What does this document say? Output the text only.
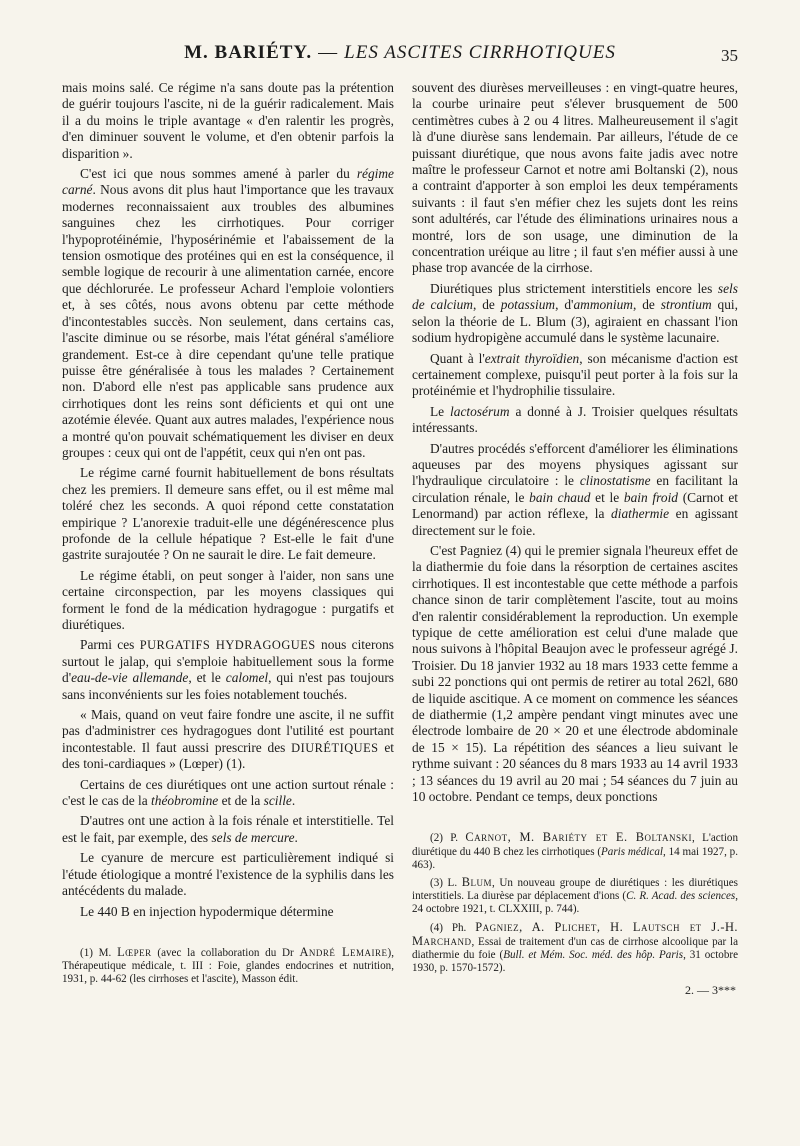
M. BARIÉTY. — LES ASCITES CIRRHOTIQUES	35

mais moins salé. Ce régime n'a sans doute pas la prétention de guérir toujours l'ascite, ni de la guérir radicalement. Mais il a du moins le triple avantage « d'en ralentir les progrès, d'en diminuer souvent le volume, et d'en obtenir parfois la disparition ».

C'est ici que nous sommes amené à parler du régime carné. Nous avons dit plus haut l'importance que les travaux modernes reconnaissaient aux troubles des albumines sanguines chez les cirrhotiques. Pour corriger l'hypoprotéinémie, l'hyposérinémie et l'abaissement de la tension osmotique des protéines qui en est la conséquence, il semble logique de recourir à une alimentation carnée, encore que déchlorurée. Le professeur Achard l'emploie volontiers et, à ses côtés, nous avons obtenu par cette méthode d'incontestables succès. Non seulement, dans certains cas, l'ascite diminue ou se résorbe, mais l'état général s'améliore grandement. Est-ce à dire cependant qu'une telle pratique puisse être généralisée à tous les malades ? Certainement non. D'abord elle n'est pas applicable sans prudence aux cirrhotiques dont les reins sont déficients et qui ont une azotémie élevée. Quant aux autres malades, l'expérience nous a montré qu'on pouvait schématiquement les diviser en deux groupes : ceux qui ont de l'appétit, ceux qui n'en ont pas.

Le régime carné fournit habituellement de bons résultats chez les premiers. Il demeure sans effet, ou il est même mal toléré chez les seconds. A quoi répond cette constatation empirique ? L'anorexie traduit-elle une dégénérescence plus profonde de la cellule hépatique ? Est-elle le fait d'une gastrite surajoutée ? On ne saurait le dire. Le fait demeure.

Le régime établi, on peut songer à l'aider, non sans une certaine circonspection, par les moyens classiques qui forment le fond de la médication hydragogue : purgatifs et diurétiques.

Parmi ces PURGATIFS HYDRAGOGUES nous citerons surtout le jalap, qui s'emploie habituellement sous la forme d'eau-de-vie allemande, et le calomel, qui n'est pas toujours sans inconvénients sur les foies notablement touchés.

« Mais, quand on veut faire fondre une ascite, il ne suffit pas d'administrer ces hydragogues dont l'utilité est pourtant incontestable. Il faut aussi prescrire des DIURÉTIQUES et des toni-cardiaques » (Lœper) (1).

Certains de ces diurétiques ont une action surtout rénale : c'est le cas de la théobromine et de la scille.

D'autres ont une action à la fois rénale et interstitielle. Tel est le fait, par exemple, des sels de mercure.

Le cyanure de mercure est particulièrement indiqué si l'étude étiologique a montré l'existence de la syphilis dans les antécédents du malade.

Le 440 B en injection hypodermique détermine

(1) M. Lœper (avec la collaboration du Dr André Lemaire), Thérapeutique médicale, t. III : Foie, glandes endocrines et nutrition, 1931, p. 44-62 (les cirrhoses et l'ascite), Masson édit.

souvent des diurèses merveilleuses : en vingt-quatre heures, la courbe urinaire peut s'élever brusquement de 500 centimètres cubes à 2 ou 4 litres. Malheureusement il s'agit là d'une diurèse sans lendemain. Par ailleurs, l'étude de ce puissant diurétique, que nous avons faite jadis avec notre maître le professeur Carnot et notre ami Boltanski (2), nous a contraint d'apporter à son emploi les deux tempéraments suivants : il faut s'en méfier chez les sujets dont les reins sont adultérés, car l'étude des éliminations urinaires nous a montré, lors de son usage, une diminution de la concentration uréique au litre ; il faut s'en méfier aussi à une phase trop avancée de la cirrhose.

Diurétiques plus strictement interstitiels encore les sels de calcium, de potassium, d'ammonium, de strontium qui, selon la théorie de L. Blum (3), agiraient en chassant l'ion sodium hydropigène accumulé dans le système lacunaire.

Quant à l'extrait thyroïdien, son mécanisme d'action est certainement complexe, puisqu'il peut porter à la fois sur la protéinémie et l'hydrophilie tissulaire.

Le lactosérum a donné à J. Troisier quelques résultats intéressants.

D'autres procédés s'efforcent d'améliorer les éliminations aqueuses par des moyens physiques agissant sur l'hydraulique circulatoire : le clinostatisme en facilitant la circulation rénale, le bain chaud et le bain froid (Carnot et Lenormand) par action réflexe, la diathermie en agissant directement sur le foie.

C'est Pagniez (4) qui le premier signala l'heureux effet de la diathermie du foie dans la résorption de certaines ascites cirrhotiques. Il est incontestable que cette méthode a parfois chance sinon de tarir complètement l'ascite, tout au moins d'en ralentir considérablement la reproduction. Un exemple typique de cette amélioration est celui d'une malade que nous suivons à l'hôpital Beaujon avec le professeur agrégé J. Troisier. Du 18 janvier 1932 au 18 mars 1933 cette femme a subi 22 ponctions qui ont permis de retirer au total 262l, 680 de liquide ascitique. A ce moment on commence les séances de diathermie (1,2 ampère pendant vingt minutes avec une électrode lombaire de 20 × 20 et une électrode abdominale de 15 × 15). La répétition des séances a lieu suivant le rythme suivant : 20 séances du 8 mars 1933 au 14 avril 1933 ; 13 séances du 19 avril au 20 mai ; 54 séances du 7 juin au 10 octobre. Pendant ce temps, deux ponctions

(2) P. Carnot, M. Bariéty et E. Boltanski, L'action diurétique du 440 B chez les cirrhotiques (Paris médical, 14 mai 1927, p. 463).

(3) L. Blum, Un nouveau groupe de diurétiques : les diurétiques interstitiels. La diurèse par déplacement d'ions (C. R. Acad. des sciences, 24 octobre 1921, t. CLXXIII, p. 744).

(4) Ph. Pagniez, A. Plichet, H. Lautsch et J.-H. Marchand, Essai de traitement d'un cas de cirrhose alcoolique par la diathermie du foie (Bull. et Mém. Soc. méd. des hôp. Paris, 31 octobre 1930, p. 1570-1572).

2. — 3***
